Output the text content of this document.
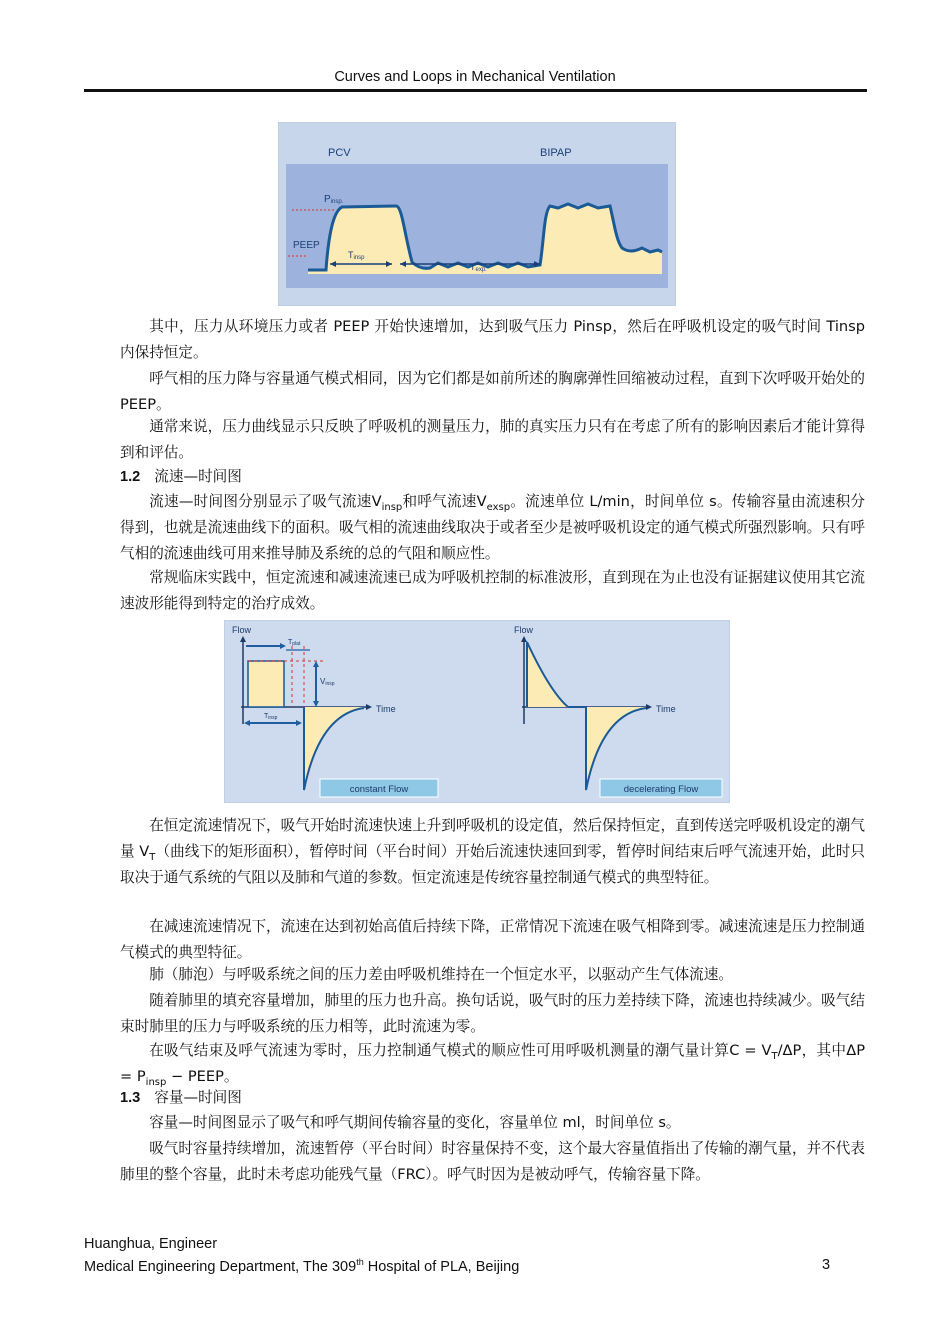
Curves and Loops in Mechanical Ventilation
PCV	BIPAP
Pinsp.
PEEP
Tinsp
Texp.

其中，压力从环境压力或者 PEEP 开始快速增加，达到吸气压力 Pinsp，然后在呼吸机设定的吸气时间 Tinsp 内保持恒定。

呼气相的压力降与容量通气模式相同，因为它们都是如前所述的胸廓弹性回缩被动过程，直到下次呼吸开始处的 PEEP。

通常来说，压力曲线显示只反映了呼吸机的测量压力，肺的真实压力只有在考虑了所有的影响因素后才能计算得到和评估。

1.2 流速—时间图

流速—时间图分别显示了吸气流速$V_{insp}$和呼气流速$V_{exsp}$。流速单位 L/min，时间单位 s。传输容量由流速积分得到，也就是流速曲线下的面积。吸气相的流速曲线取决于或者至少是被呼吸机设定的通气模式所强烈影响。只有呼气相的流速曲线可用来推导肺及系统的总的气阻和顺应性。

常规临床实践中，恒定流速和减速流速已成为呼吸机控制的标准波形，直到现在为止也没有证据建议使用其它流速波形能得到特定的治疗成效。

Flow
Time
Tplat
Vinsp
Tinsp
constant Flow
Flow
Time
decelerating Flow

在恒定流速情况下，吸气开始时流速快速上升到呼吸机的设定值，然后保持恒定，直到传送完呼吸机设定的潮气量 $V_T$（曲线下的矩形面积），暂停时间（平台时间）开始后流速快速回到零，暂停时间结束后呼气流速开始，此时只取决于通气系统的气阻以及肺和气道的参数。恒定流速是传统容量控制通气模式的典型特征。

在减速流速情况下，流速在达到初始高值后持续下降，正常情况下流速在吸气相降到零。减速流速是压力控制通气模式的典型特征。

肺（肺泡）与呼吸系统之间的压力差由呼吸机维持在一个恒定水平，以驱动产生气体流速。

随着肺里的填充容量增加，肺里的压力也升高。换句话说，吸气时的压力差持续下降，流速也持续减少。吸气结束时肺里的压力与呼吸系统的压力相等，此时流速为零。

在吸气结束及呼气流速为零时，压力控制通气模式的顺应性可用呼吸机测量的潮气量计算$C = V_T/\Delta P$，其中$\Delta P = P_{insp}$ − PEEP。

1.3 容量—时间图

容量—时间图显示了吸气和呼气期间传输容量的变化，容量单位 ml，时间单位 s。

吸气时容量持续增加，流速暂停（平台时间）时容量保持不变，这个最大容量值指出了传输的潮气量，并不代表肺里的整个容量，此时未考虑功能残气量（FRC）。呼气时因为是被动呼气，传输容量下降。

Huanghua, Engineer
Medical Engineering Department, The 309th Hospital of PLA, Beijing	3
